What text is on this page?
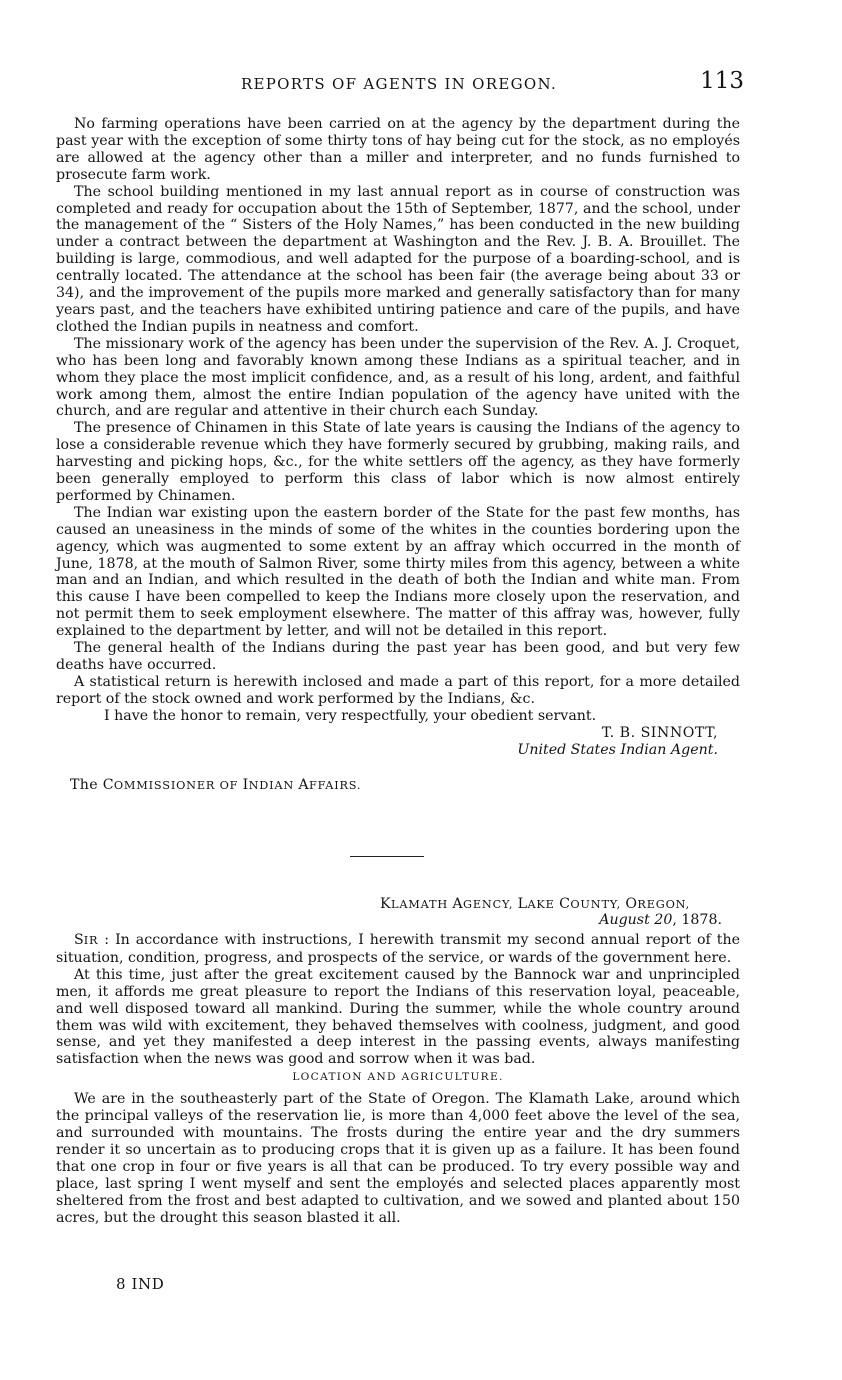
REPORTS OF AGENTS IN OREGON.	113

No farming operations have been carried on at the agency by the department during the past year with the exception of some thirty tons of hay being cut for the stock, as no employés are allowed at the agency other than a miller and interpreter, and no funds furnished to prosecute farm work.

The school building mentioned in my last annual report as in course of construction was completed and ready for occupation about the 15th of September, 1877, and the school, under the management of the “ Sisters of the Holy Names,” has been conducted in the new building under a contract between the department at Washington and the Rev. J. B. A. Brouillet. The building is large, commodious, and well adapted for the purpose of a boarding-school, and is centrally located. The attendance at the school has been fair (the average being about 33 or 34), and the improvement of the pupils more marked and generally satisfactory than for many years past, and the teachers have exhibited untiring patience and care of the pupils, and have clothed the Indian pupils in neatness and comfort.

The missionary work of the agency has been under the supervision of the Rev. A. J. Croquet, who has been long and favorably known among these Indians as a spiritual teacher, and in whom they place the most implicit confidence, and, as a result of his long, ardent, and faithful work among them, almost the entire Indian population of the agency have united with the church, and are regular and attentive in their church each Sunday.

The presence of Chinamen in this State of late years is causing the Indians of the agency to lose a considerable revenue which they have formerly secured by grubbing, making rails, and harvesting and picking hops, &c., for the white settlers off the agency, as they have formerly been generally employed to perform this class of labor which is now almost entirely performed by Chinamen.

The Indian war existing upon the eastern border of the State for the past few months, has caused an uneasiness in the minds of some of the whites in the counties bordering upon the agency, which was augmented to some extent by an affray which occurred in the month of June, 1878, at the mouth of Salmon River, some thirty miles from this agency, between a white man and an Indian, and which resulted in the death of both the Indian and white man. From this cause I have been compelled to keep the Indians more closely upon the reservation, and not permit them to seek employment elsewhere. The matter of this affray was, however, fully explained to the department by letter, and will not be detailed in this report.

The general health of the Indians during the past year has been good, and but very few deaths have occurred.

A statistical return is herewith inclosed and made a part of this report, for a more detailed report of the stock owned and work performed by the Indians, &c.

I have the honor to remain, very respectfully, your obedient servant.

T. B. SINNOTT,
United States Indian Agent.
The COMMISSIONER OF INDIAN AFFAIRS.
KLAMATH AGENCY, LAKE COUNTY, OREGON,
August 20, 1878.

SIR : In accordance with instructions, I herewith transmit my second annual report of the situation, condition, progress, and prospects of the service, or wards of the government here.

At this time, just after the great excitement caused by the Bannock war and unprincipled men, it affords me great pleasure to report the Indians of this reservation loyal, peaceable, and well disposed toward all mankind. During the summer, while the whole country around them was wild with excitement, they behaved themselves with coolness, judgment, and good sense, and yet they manifested a deep interest in the passing events, always manifesting satisfaction when the news was good and sorrow when it was bad.

LOCATION AND AGRICULTURE.

We are in the southeasterly part of the State of Oregon. The Klamath Lake, around which the principal valleys of the reservation lie, is more than 4,000 feet above the level of the sea, and surrounded with mountains. The frosts during the entire year and the dry summers render it so uncertain as to producing crops that it is given up as a failure. It has been found that one crop in four or five years is all that can be produced. To try every possible way and place, last spring I went myself and sent the employés and selected places apparently most sheltered from the frost and best adapted to cultivation, and we sowed and planted about 150 acres, but the drought this season blasted it all.

8 IND
